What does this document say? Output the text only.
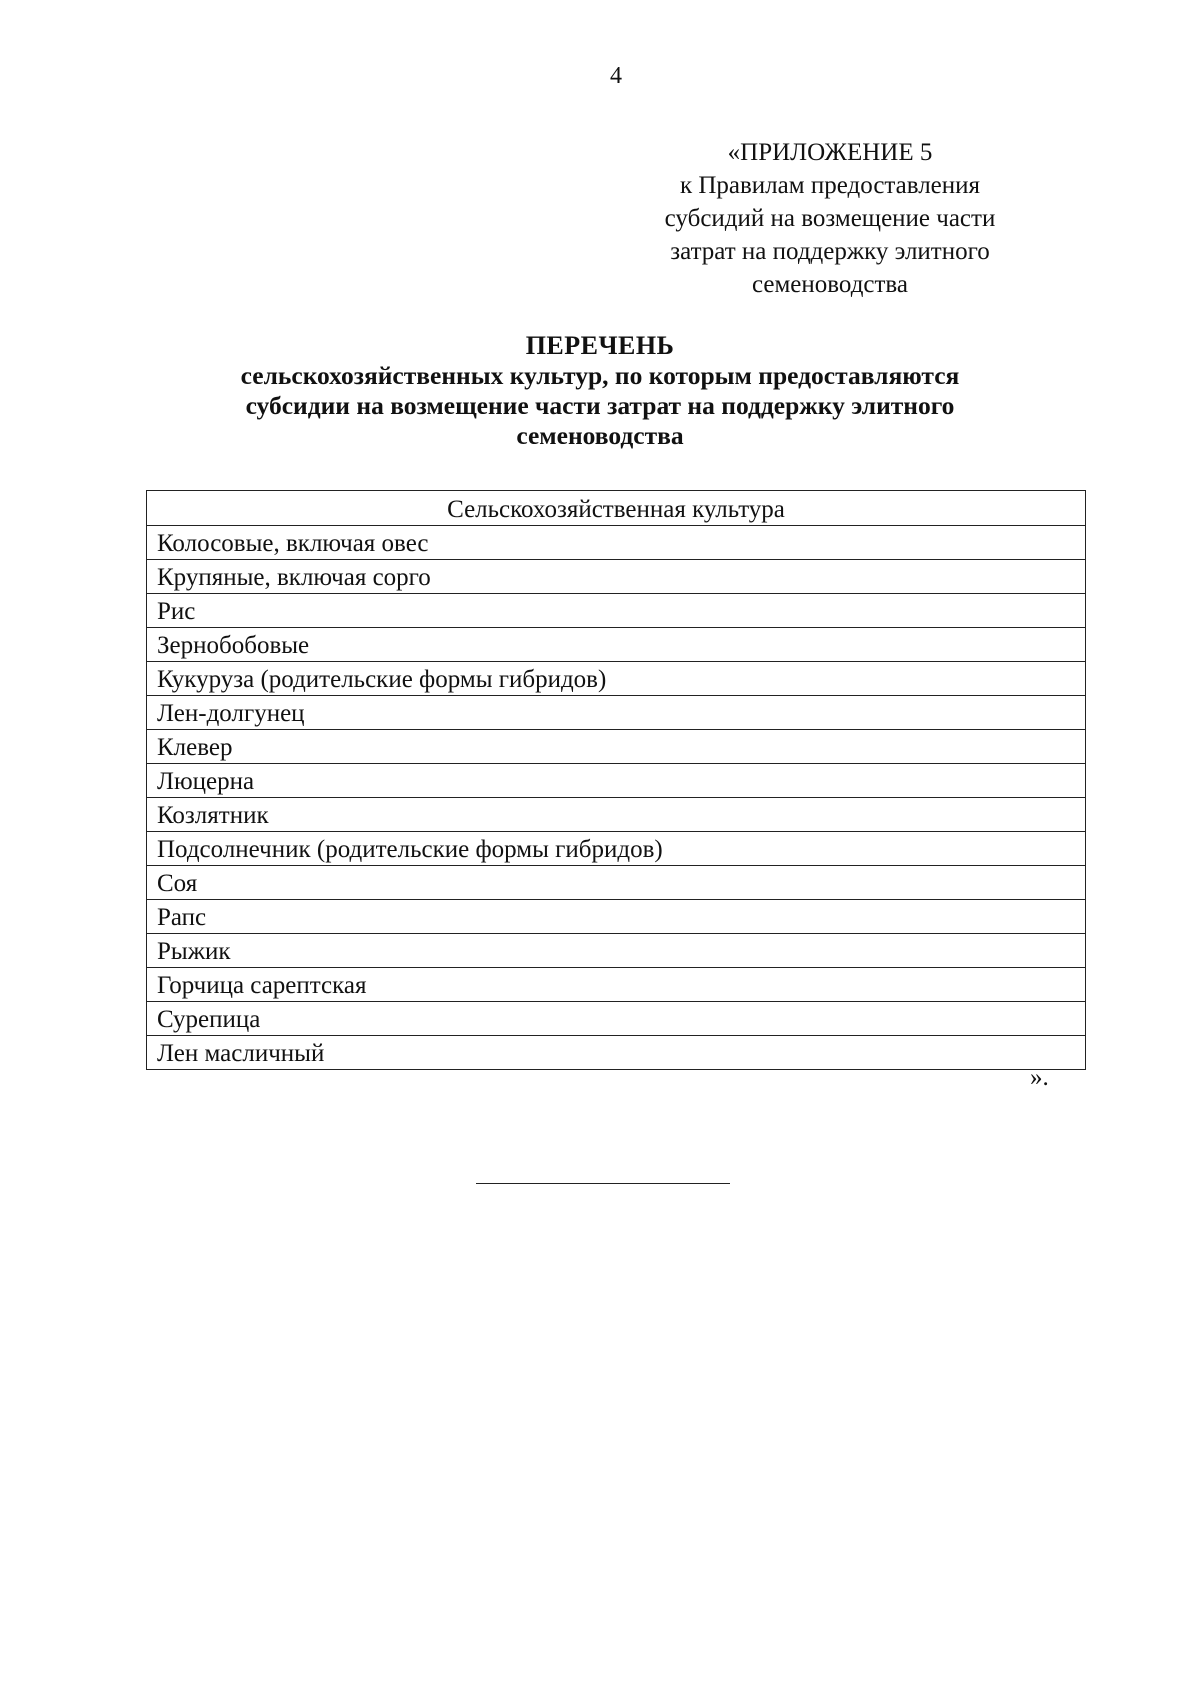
4
«ПРИЛОЖЕНИЕ 5
к Правилам предоставления
субсидий на возмещение части
затрат на поддержку элитного
семеноводства
ПЕРЕЧЕНЬ
сельскохозяйственных культур, по которым предоставляются
субсидии на возмещение части затрат на поддержку элитного
семеноводства
Сельскохозяйственная культура
Колосовые, включая овес
Крупяные, включая сорго
Рис
Зернобобовые
Кукуруза (родительские формы гибридов)
Лен-долгунец
Клевер
Люцерна
Козлятник
Подсолнечник (родительские формы гибридов)
Соя
Рапс
Рыжик
Горчица сарептская
Сурепица
Лен масличный
».
